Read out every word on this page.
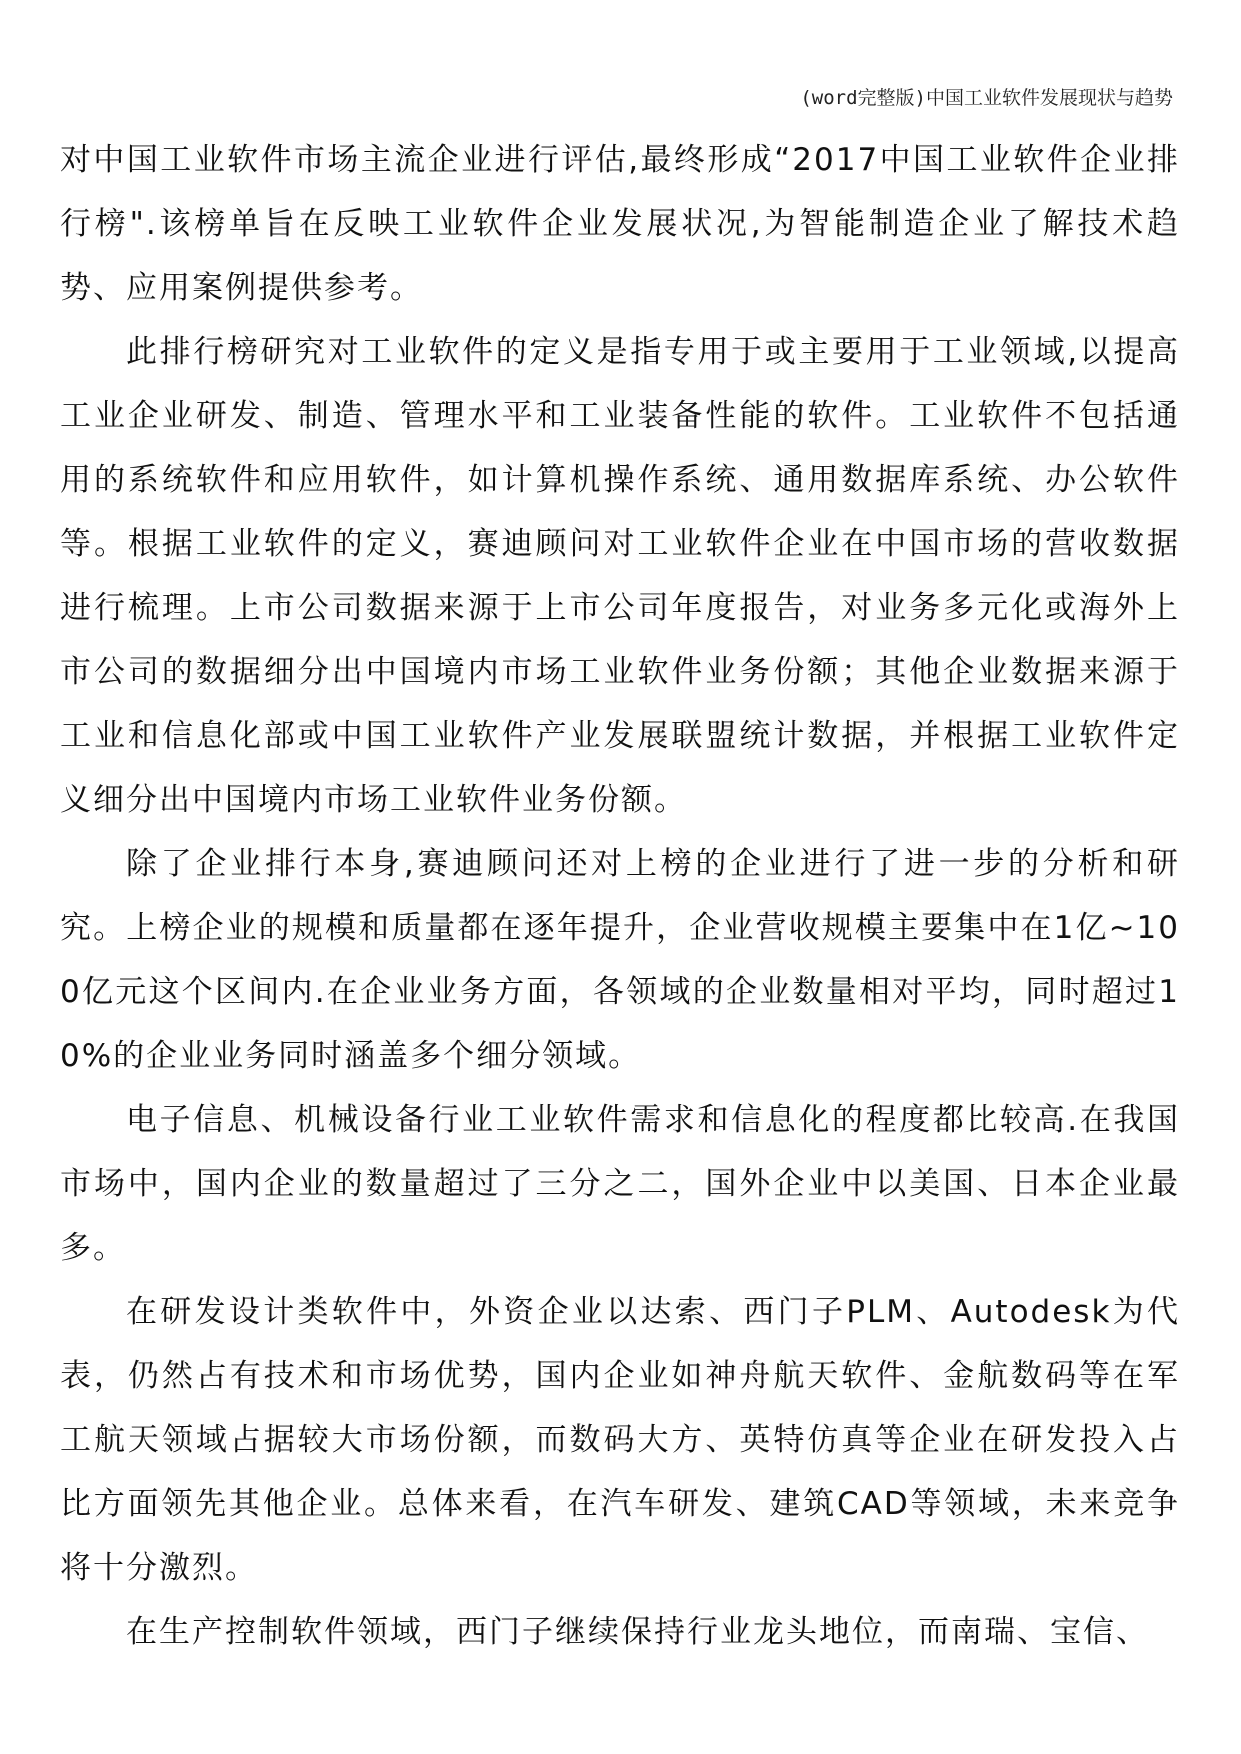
(word完整版)中国工业软件发展现状与趋势

对中国工业软件市场主流企业进行评估,最终形成“2017中国工业软件企业排行榜".该榜单旨在反映工业软件企业发展状况,为智能制造企业了解技术趋势、应用案例提供参考。

此排行榜研究对工业软件的定义是指专用于或主要用于工业领域,以提高工业企业研发、制造、管理水平和工业装备性能的软件。工业软件不包括通用的系统软件和应用软件，如计算机操作系统、通用数据库系统、办公软件等。根据工业软件的定义，赛迪顾问对工业软件企业在中国市场的营收数据进行梳理。上市公司数据来源于上市公司年度报告，对业务多元化或海外上市公司的数据细分出中国境内市场工业软件业务份额；其他企业数据来源于工业和信息化部或中国工业软件产业发展联盟统计数据，并根据工业软件定义细分出中国境内市场工业软件业务份额。

除了企业排行本身,赛迪顾问还对上榜的企业进行了进一步的分析和研究。上榜企业的规模和质量都在逐年提升，企业营收规模主要集中在1亿~100亿元这个区间内.在企业业务方面，各领域的企业数量相对平均，同时超过10%的企业业务同时涵盖多个细分领域。

电子信息、机械设备行业工业软件需求和信息化的程度都比较高.在我国市场中，国内企业的数量超过了三分之二，国外企业中以美国、日本企业最多。

在研发设计类软件中，外资企业以达索、西门子PLM、Autodesk为代表，仍然占有技术和市场优势，国内企业如神舟航天软件、金航数码等在军工航天领域占据较大市场份额，而数码大方、英特仿真等企业在研发投入占比方面领先其他企业。总体来看，在汽车研发、建筑CAD等领域，未来竞争将十分激烈。

在生产控制软件领域，西门子继续保持行业龙头地位，而南瑞、宝信、
